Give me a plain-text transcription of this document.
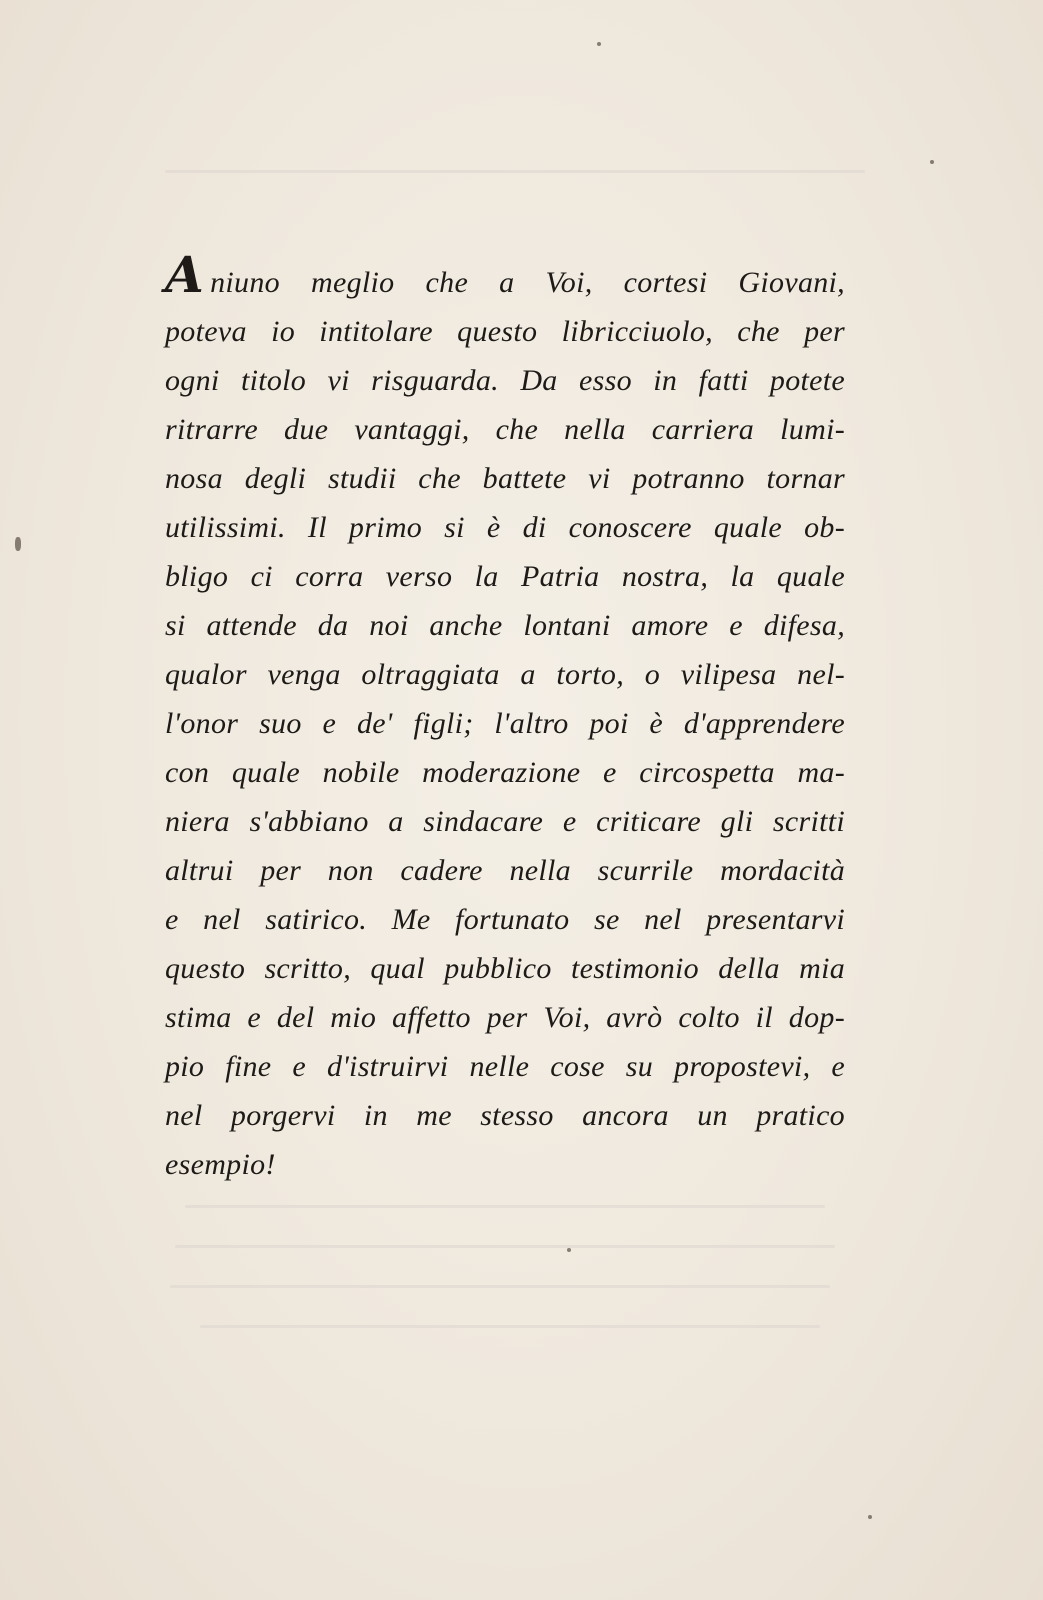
Aniuno meglio che a Voi, cortesi Giovani,
poteva io intitolare questo libricciuolo, che per
ogni titolo vi risguarda. Da esso in fatti potete
ritrarre due vantaggi, che nella carriera lumi-
nosa degli studii che battete vi potranno tornar
utilissimi. Il primo si è di conoscere quale ob-
bligo ci corra verso la Patria nostra, la quale
si attende da noi anche lontani amore e difesa,
qualor venga oltraggiata a torto, o vilipesa nel-
l'onor suo e de' figli; l'altro poi è d'apprendere
con quale nobile moderazione e circospetta ma-
niera s'abbiano a sindacare e criticare gli scritti
altrui per non cadere nella scurrile mordacità
e nel satirico. Me fortunato se nel presentarvi
questo scritto, qual pubblico testimonio della mia
stima e del mio affetto per Voi, avrò colto il dop-
pio fine e d'istruirvi nelle cose su propostevi, e
nel porgervi in me stesso ancora un pratico
esempio!
